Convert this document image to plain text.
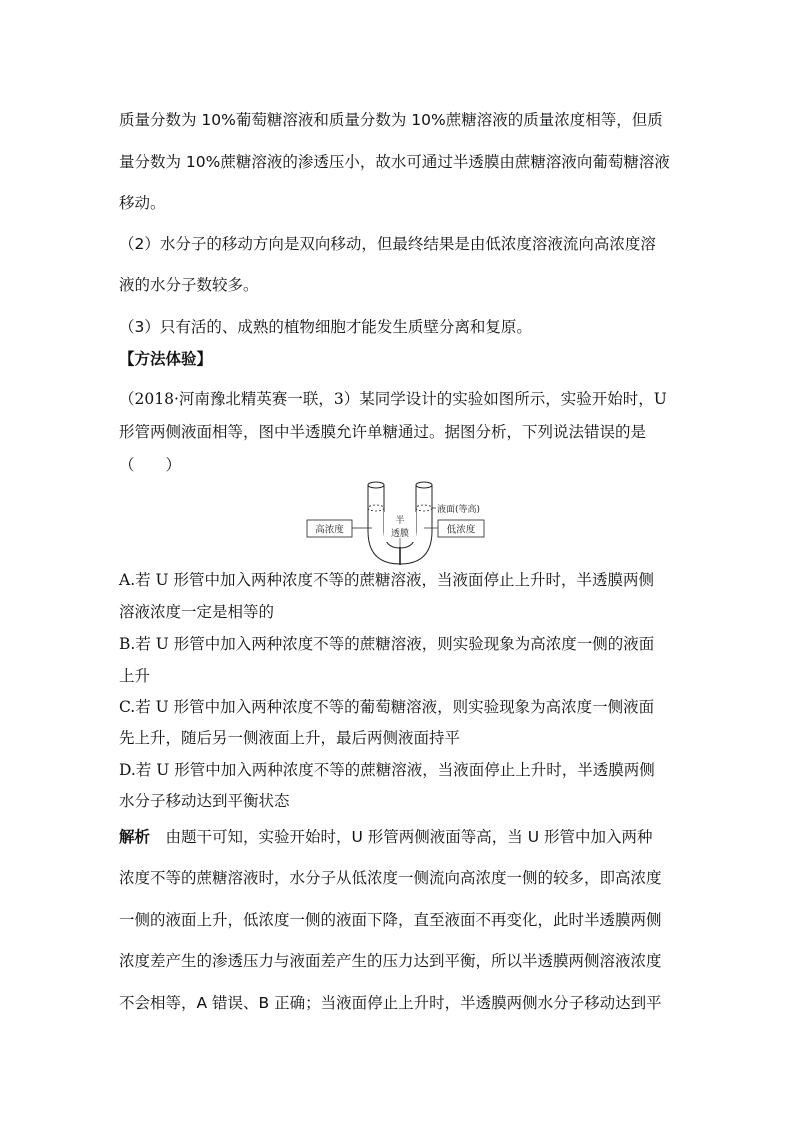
质量分数为 10%葡萄糖溶液和质量分数为 10%蔗糖溶液的质量浓度相等，但质
量分数为 10%蔗糖溶液的渗透压小，故水可通过半透膜由蔗糖溶液向葡萄糖溶液
移动。
（2）水分子的移动方向是双向移动，但最终结果是由低浓度溶液流向高浓度溶
液的水分子数较多。
（3）只有活的、成熟的植物细胞才能发生质壁分离和复原。
【方法体验】
（2018·河南豫北精英赛一联，3）某同学设计的实验如图所示，实验开始时，U
形管两侧液面相等，图中半透膜允许单糖通过。据图分析，下列说法错误的是
（　　）
半
透膜
高浓度	低浓度
液面(等高)
A.若 U 形管中加入两种浓度不等的蔗糖溶液，当液面停止上升时，半透膜两侧
溶液浓度一定是相等的
B.若 U 形管中加入两种浓度不等的蔗糖溶液，则实验现象为高浓度一侧的液面
上升
C.若 U 形管中加入两种浓度不等的葡萄糖溶液，则实验现象为高浓度一侧液面
先上升，随后另一侧液面上升，最后两侧液面持平
D.若 U 形管中加入两种浓度不等的蔗糖溶液，当液面停止上升时，半透膜两侧
水分子移动达到平衡状态
解析　 由题干可知，实验开始时，U 形管两侧液面等高，当 U 形管中加入两种
浓度不等的蔗糖溶液时，水分子从低浓度一侧流向高浓度一侧的较多，即高浓度
一侧的液面上升，低浓度一侧的液面下降，直至液面不再变化，此时半透膜两侧
浓度差产生的渗透压力与液面差产生的压力达到平衡，所以半透膜两侧溶液浓度
不会相等，A 错误、B 正确；当液面停止上升时，半透膜两侧水分子移动达到平
